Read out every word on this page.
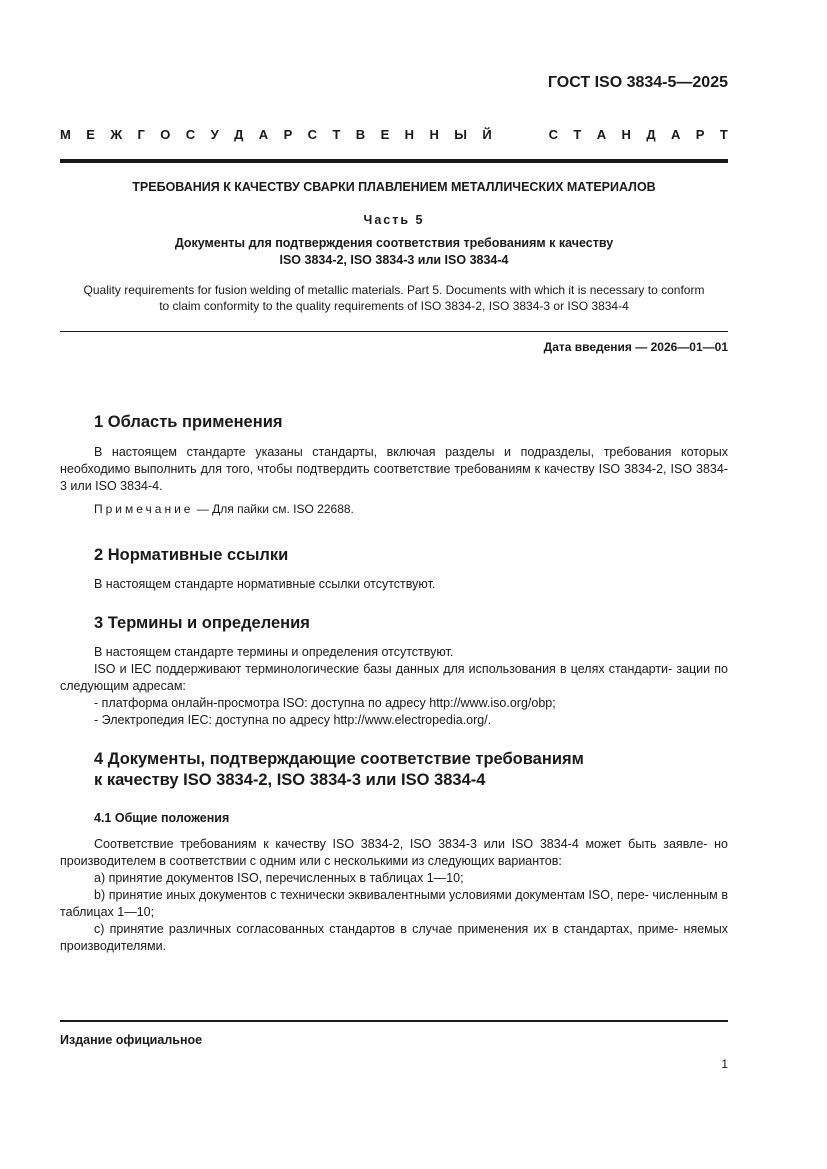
ГОСТ ISO 3834-5—2025
М Е Ж Г О С У Д А Р С Т В Е Н Н Ы Й	С Т А Н Д А Р Т
ТРЕБОВАНИЯ К КАЧЕСТВУ СВАРКИ ПЛАВЛЕНИЕМ МЕТАЛЛИЧЕСКИХ МАТЕРИАЛОВ
Часть 5
Документы для подтверждения соответствия требованиям к качеству
ISO 3834-2, ISO 3834-3 или ISO 3834-4
Quality requirements for fusion welding of metallic materials. Part 5. Documents with which it is necessary to conform
to claim conformity to the quality requirements of ISO 3834-2, ISO 3834-3 or ISO 3834-4
Дата введения — 2026—01—01
1 Область применения
В настоящем стандарте указаны стандарты, включая разделы и подразделы, требования которых необходимо выполнить для того, чтобы подтвердить соответствие требованиям к качеству ISO 3834-2, ISO 3834-3 или ISO 3834-4.
Примечание — Для пайки см. ISO 22688.
2 Нормативные ссылки
В настоящем стандарте нормативные ссылки отсутствуют.
3 Термины и определения
В настоящем стандарте термины и определения отсутствуют.
ISO и IEC поддерживают терминологические базы данных для использования в целях стандарти- зации по следующим адресам:
- платформа онлайн-просмотра ISO: доступна по адресу http://www.iso.org/obp;
- Электропедия IEC: доступна по адресу http://www.electropedia.org/.
4 Документы, подтверждающие соответствие требованиям
к качеству ISO 3834-2, ISO 3834-3 или ISO 3834-4
4.1 Общие положения
Соответствие требованиям к качеству ISO 3834-2, ISO 3834-3 или ISO 3834-4 может быть заявле- но производителем в соответствии с одним или с несколькими из следующих вариантов:
a) принятие документов ISO, перечисленных в таблицах 1—10;
b) принятие иных документов с технически эквивалентными условиями документам ISO, пере- численным в таблицах 1—10;
c) принятие различных согласованных стандартов в случае применения их в стандартах, приме- няемых производителями.
Издание официальное
1
